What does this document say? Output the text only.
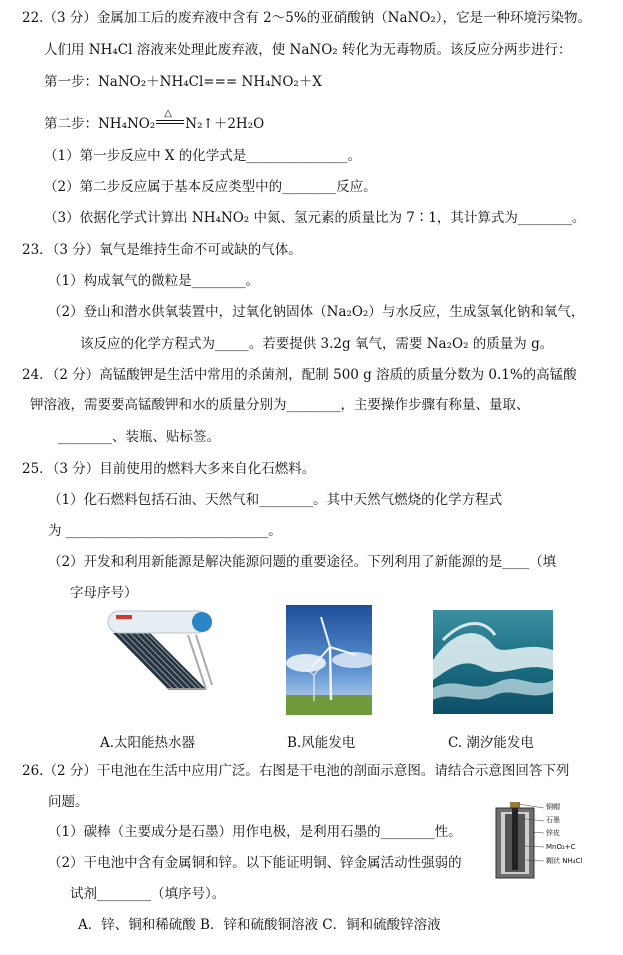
22.（3 分）金属加工后的废弃液中含有 2～5%的亚硝酸钠（NaNO₂），它是一种环境污染物。
人们用 NH₄Cl 溶液来处理此废弃液，使 NaNO₂ 转化为无毒物质。该反应分两步进行：
第一步：NaNO₂＋NH₄Cl=== NH₄NO₂＋X
第二步：NH₄NO₂
△
N₂↑＋2H₂O
（1）第一步反应中 X 的化学式是_______________。
（2）第二步反应属于基本反应类型中的________反应。
（3）依据化学式计算出 NH₄NO₂ 中氮、氢元素的质量比为 7∶1，其计算式为________。
23．（3 分）氧气是维持生命不可或缺的气体。
（1）构成氧气的微粒是________。
（2）登山和潜水供氧装置中，过氧化钠固体（Na₂O₂）与水反应，生成氢氧化钠和氧气，
该反应的化学方程式为_____。若要提供 3.2g 氧气，需要 Na₂O₂ 的质量为 g。
24．（2 分）高锰酸钾是生活中常用的杀菌剂，配制 500 g 溶质的质量分数为 0.1%的高锰酸
钾溶液，需要要高锰酸钾和水的质量分别为________，主要操作步骤有称量、量取、
________、装瓶、贴标签。
25．（3 分）目前使用的燃料大多来自化石燃料。
（1）化石燃料包括石油、天然气和________。其中天然气燃烧的化学方程式
为 ______________________________。
（2）开发和利用新能源是解决能源问题的重要途径。下列利用了新能源的是____（填
字母序号）
A.太阳能热水器	B.风能发电	C. 潮汐能发电
26.（2 分）干电池在生活中应用广泛。右图是干电池的剖面示意图。请结合示意图回答下列
问题。
（1）碳棒（主要成分是石墨）用作电极，是利用石墨的________性。
（2）干电池中含有金属铜和锌。以下能证明铜、锌金属活动性强弱的
试剂________（填序号）。
A．锌、铜和稀硫酸 B．锌和硫酸铜溶液 C．铜和硫酸锌溶液
铜帽
石墨
锌皮
MnO₂+C
糊状 NH₄Cl
